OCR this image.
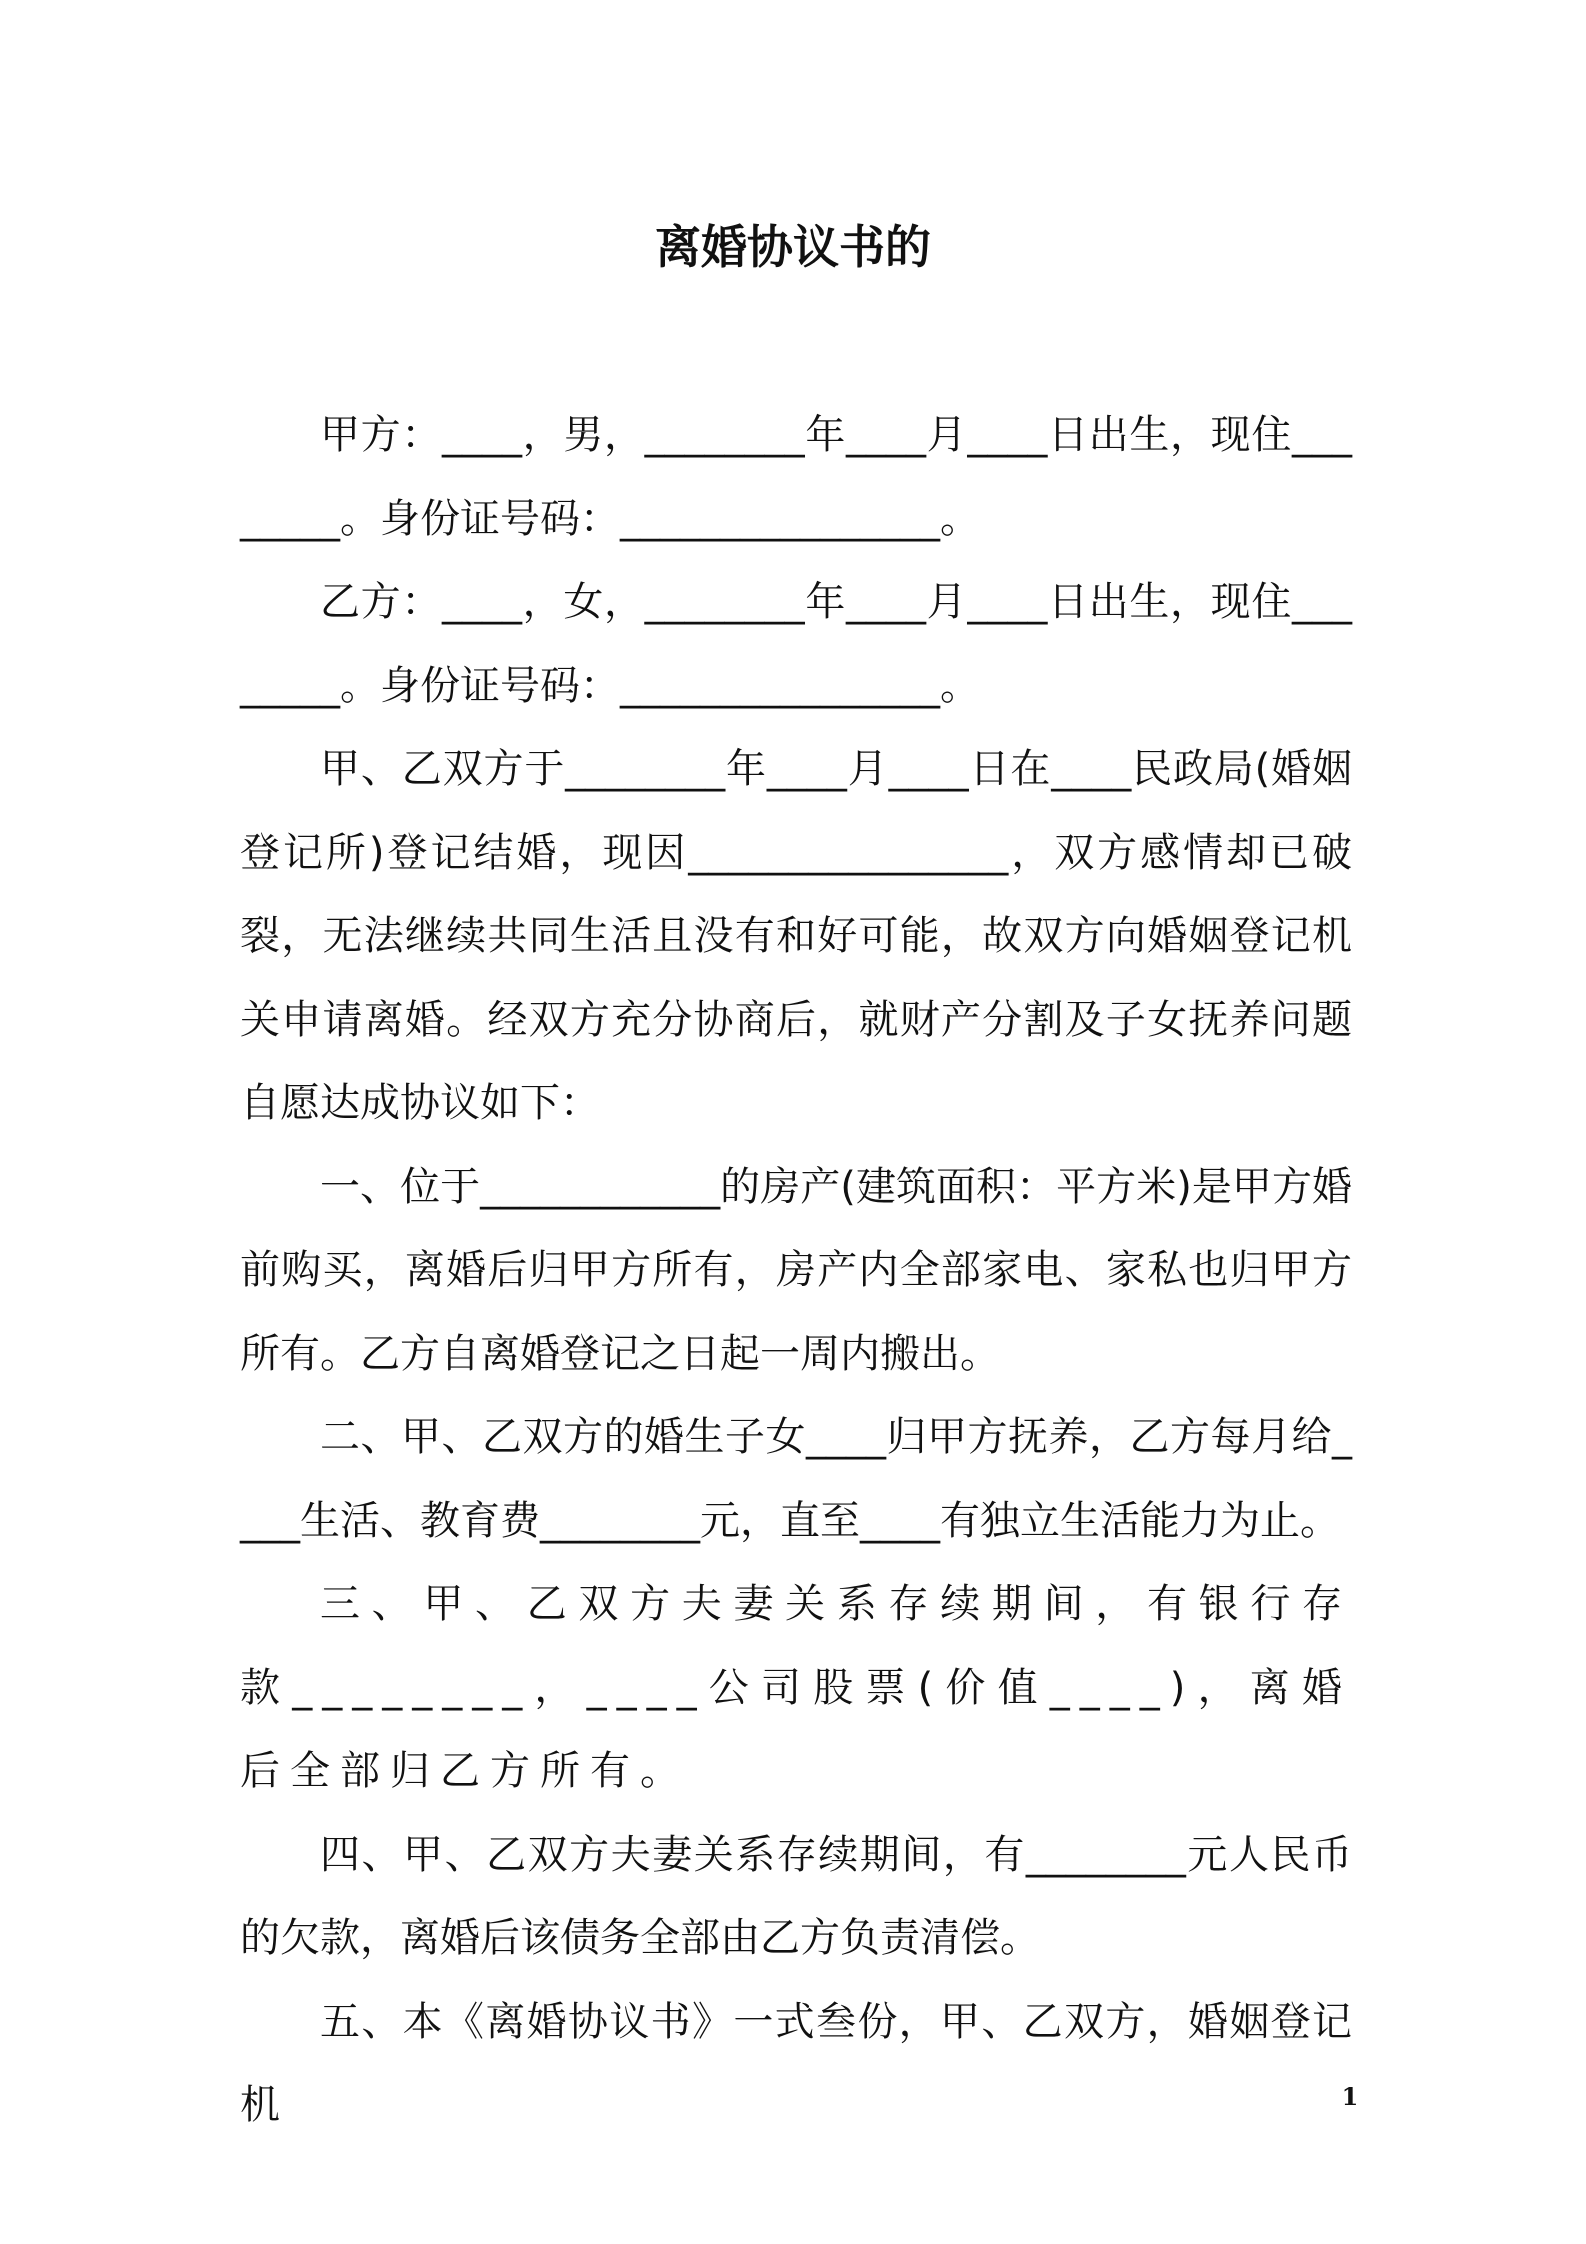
离婚协议书的

甲方：____，男，________年____月____日出生，现住________。身份证号码：________________。

乙方：____，女，________年____月____日出生，现住________。身份证号码：________________。

甲、乙双方于________年____月____日在____民政局(婚姻登记所)登记结婚，现因________________，双方感情却已破裂，无法继续共同生活且没有和好可能，故双方向婚姻登记机关申请离婚。经双方充分协商后，就财产分割及子女抚养问题自愿达成协议如下：

一、位于____________的房产(建筑面积：平方米)是甲方婚前购买，离婚后归甲方所有，房产内全部家电、家私也归甲方所有。乙方自离婚登记之日起一周内搬出。

二、甲、乙双方的婚生子女____归甲方抚养，乙方每月给____生活、教育费________元，直至____有独立生活能力为止。

三、甲、乙双方夫妻关系存续期间，有银行存款________，____公司股票(价值____)，离婚后全部归乙方所有。

四、甲、乙双方夫妻关系存续期间，有________元人民币的欠款，离婚后该债务全部由乙方负责清偿。

五、本《离婚协议书》一式叁份，甲、乙双方，婚姻登记机	1
